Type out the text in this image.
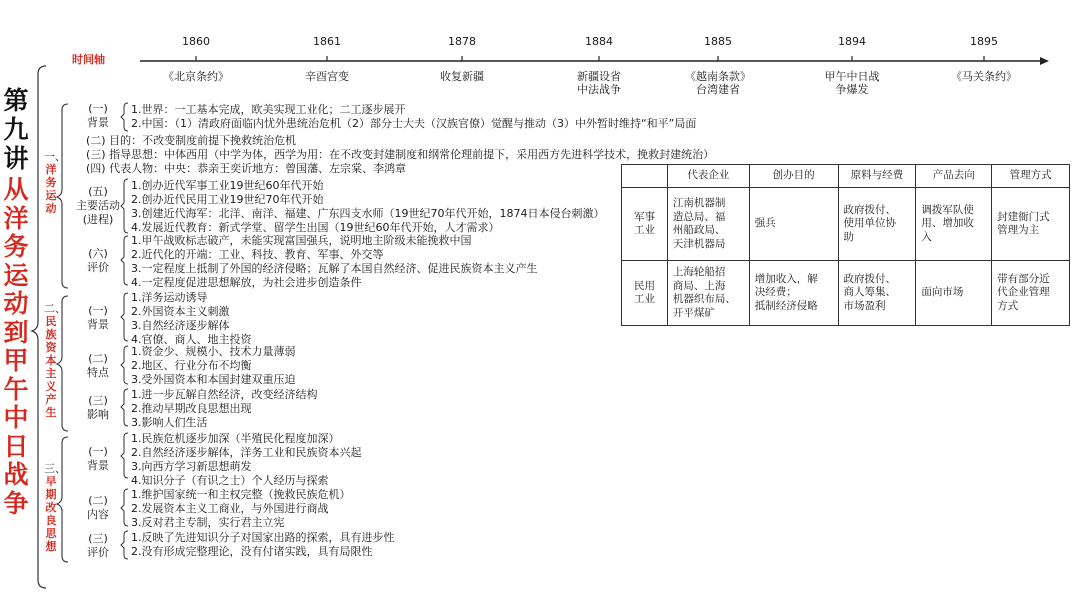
时间轴
1860
《北京条约》
1861
辛酉宫变
1878
收复新疆
1884
新疆设省
中法战争
1885
《越南条款》
台湾建省
1894
甲午中日战
争爆发
1895
《马关条约》
第九讲
从洋务运动到甲午中日战争
一、
洋务运动
二、
民族资本主义产生
三、
早期改良思想
(一)
背景
1.世界：一工基本完成，欧美实现工业化；二工逐步展开
2.中国：（1）清政府面临内忧外患统治危机（2）部分士大夫（汉族官僚）觉醒与推动（3）中外暂时维持“和平”局面
(二) 目的：不改变制度前提下挽救统治危机
(三) 指导思想：中体西用（中学为体，西学为用：在不改变封建制度和纲常伦理前提下，采用西方先进科学技术，挽救封建统治）
(四) 代表人物：中央：恭亲王奕䜣地方：曾国藩、左宗棠、李鸿章
(五)
主要活动
(进程)
1.创办近代军事工业19世纪60年代开始
2.创办近代民用工业19世纪70年代开始
3.创建近代海军：北洋、南洋、福建、广东四支水师（19世纪70年代开始，1874日本侵台刺激）
4.发展近代教育：新式学堂、留学生出国（19世纪60年代开始，人才需求）
(六)
评价
1.甲午战败标志破产，未能实现富国强兵，说明地主阶级未能挽救中国
2.近代化的开端：工业、科技、教育、军事、外交等
3.一定程度上抵制了外国的经济侵略；瓦解了本国自然经济、促进民族资本主义产生
4.一定程度促进思想解放，为社会进步创造条件
(一)
背景
1.洋务运动诱导
2.外国资本主义刺激
3.自然经济逐步解体
4.官僚、商人、地主投资
(二)
特点
1.资金少、规模小、技术力量薄弱
2.地区、行业分布不均衡
3.受外国资本和本国封建双重压迫
(三)
影响
1.进一步瓦解自然经济，改变经济结构
2.推动早期改良思想出现
3.影响人们生活
(一)
背景
1.民族危机逐步加深（半殖民化程度加深）
2.自然经济逐步解体，洋务工业和民族资本兴起
3.向西方学习新思想萌发
4.知识分子（有识之士）个人经历与探索
(二)
内容
1.维护国家统一和主权完整（挽救民族危机）
2.发展资本主义工商业，与外国进行商战
3.反对君主专制，实行君主立宪
(三)
评价
1.反映了先进知识分子对国家出路的探索，具有进步性
2.没有形成完整理论，没有付诸实践，具有局限性
	代表企业	创办目的	原料与经费	产品去向	管理方式
军事
工业	江南机器制
造总局、福
州船政局、
天津机器局	强兵	政府拨付、
使用单位协
助	调拨军队使
用、增加收
入	封建衙门式
管理为主
民用
工业	上海轮船招
商局、上海
机器织布局、
开平煤矿	增加收入，解
决经费；
抵制经济侵略	政府拨付、
商人筹集、
市场盈利	面向市场	带有部分近
代企业管理
方式
